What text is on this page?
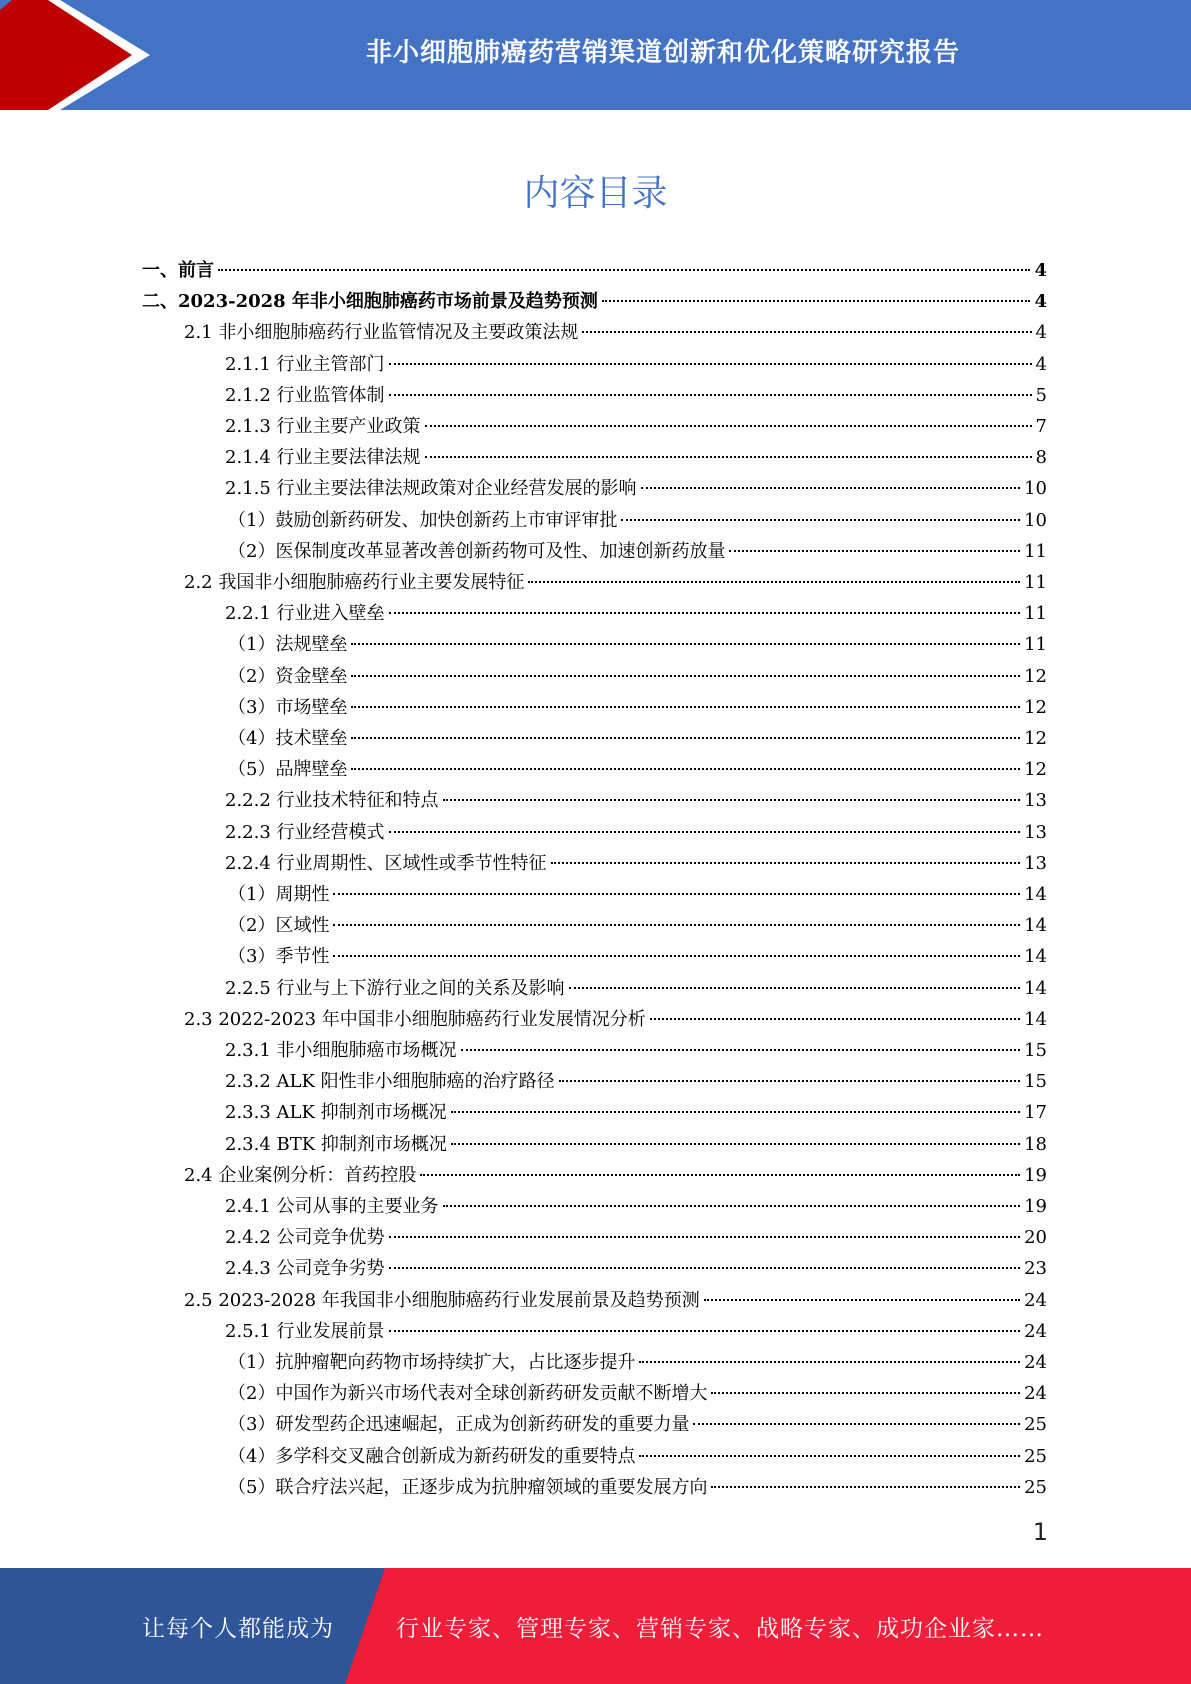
非小细胞肺癌药营销渠道创新和优化策略研究报告
内容目录
一、前言	4
二、2023-2028 年非小细胞肺癌药市场前景及趋势预测	4
2.1 非小细胞肺癌药行业监管情况及主要政策法规	4
2.1.1 行业主管部门	4
2.1.2 行业监管体制	5
2.1.3 行业主要产业政策	7
2.1.4 行业主要法律法规	8
2.1.5 行业主要法律法规政策对企业经营发展的影响	10
（1）鼓励创新药研发、加快创新药上市审评审批	10
（2）医保制度改革显著改善创新药物可及性、加速创新药放量	11
2.2 我国非小细胞肺癌药行业主要发展特征	11
2.2.1 行业进入壁垒	11
（1）法规壁垒	11
（2）资金壁垒	12
（3）市场壁垒	12
（4）技术壁垒	12
（5）品牌壁垒	12
2.2.2 行业技术特征和特点	13
2.2.3 行业经营模式	13
2.2.4 行业周期性、区域性或季节性特征	13
（1）周期性	14
（2）区域性	14
（3）季节性	14
2.2.5 行业与上下游行业之间的关系及影响	14
2.3 2022-2023 年中国非小细胞肺癌药行业发展情况分析	14
2.3.1 非小细胞肺癌市场概况	15
2.3.2 ALK 阳性非小细胞肺癌的治疗路径	15
2.3.3 ALK 抑制剂市场概况	17
2.3.4 BTK 抑制剂市场概况	18
2.4 企业案例分析：首药控股	19
2.4.1 公司从事的主要业务	19
2.4.2 公司竞争优势	20
2.4.3 公司竞争劣势	23
2.5 2023-2028 年我国非小细胞肺癌药行业发展前景及趋势预测	24
2.5.1 行业发展前景	24
（1）抗肿瘤靶向药物市场持续扩大，占比逐步提升	24
（2）中国作为新兴市场代表对全球创新药研发贡献不断增大	24
（3）研发型药企迅速崛起，正成为创新药研发的重要力量	25
（4）多学科交叉融合创新成为新药研发的重要特点	25
（5）联合疗法兴起，正逐步成为抗肿瘤领域的重要发展方向	25
1
让每个人都能成为	行业专家、管理专家、营销专家、战略专家、成功企业家……
